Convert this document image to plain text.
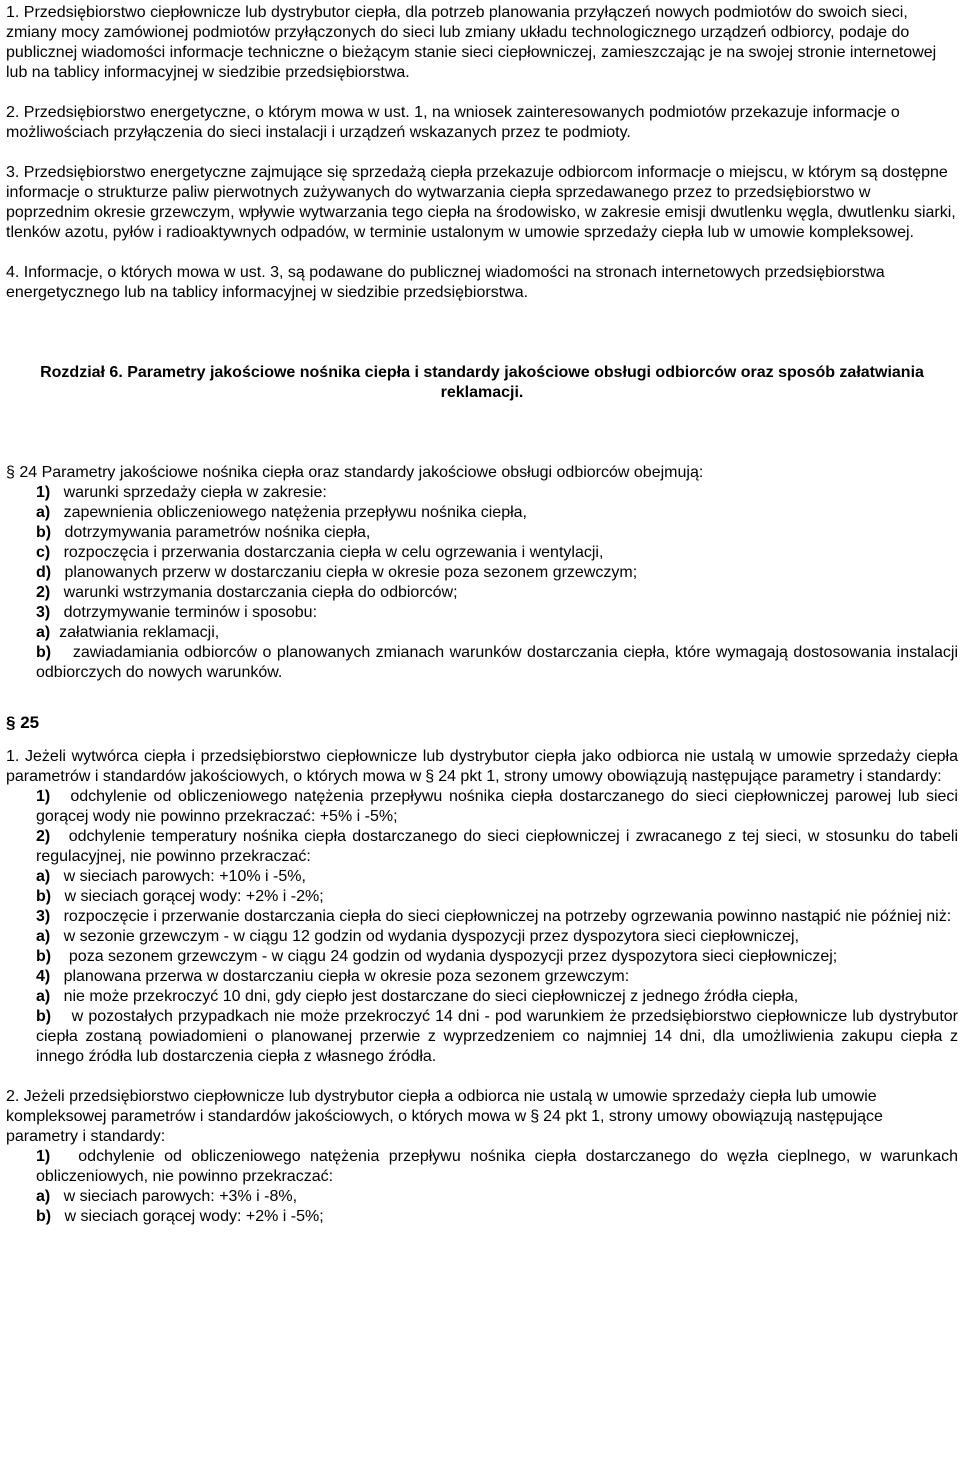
1. Przedsiębiorstwo ciepłownicze lub dystrybutor ciepła, dla potrzeb planowania przyłączeń nowych podmiotów do swoich sieci, zmiany mocy zamówionej podmiotów przyłączonych do sieci lub zmiany układu technologicznego urządzeń odbiorcy, podaje do publicznej wiadomości informacje techniczne o bieżącym stanie sieci ciepłowniczej, zamieszczając je na swojej stronie internetowej lub na tablicy informacyjnej w siedzibie przedsiębiorstwa.

2. Przedsiębiorstwo energetyczne, o którym mowa w ust. 1, na wniosek zainteresowanych podmiotów przekazuje informacje o możliwościach przyłączenia do sieci instalacji i urządzeń wskazanych przez te podmioty.

3. Przedsiębiorstwo energetyczne zajmujące się sprzedażą ciepła przekazuje odbiorcom informacje o miejscu, w którym są dostępne informacje o strukturze paliw pierwotnych zużywanych do wytwarzania ciepła sprzedawanego przez to przedsiębiorstwo w poprzednim okresie grzewczym, wpływie wytwarzania tego ciepła na środowisko, w zakresie emisji dwutlenku węgla, dwutlenku siarki, tlenków azotu, pyłów i radioaktywnych odpadów, w terminie ustalonym w umowie sprzedaży ciepła lub w umowie kompleksowej.

4. Informacje, o których mowa w ust. 3, są podawane do publicznej wiadomości na stronach internetowych przedsiębiorstwa energetycznego lub na tablicy informacyjnej w siedzibie przedsiębiorstwa.

Rozdział 6. Parametry jakościowe nośnika ciepła i standardy jakościowe obsługi odbiorców oraz sposób załatwiania reklamacji.

§ 24 Parametry jakościowe nośnika ciepła oraz standardy jakościowe obsługi odbiorców obejmują:

1) warunki sprzedaży ciepła w zakresie:

a) zapewnienia obliczeniowego natężenia przepływu nośnika ciepła,

b) dotrzymywania parametrów nośnika ciepła,

c) rozpoczęcia i przerwania dostarczania ciepła w celu ogrzewania i wentylacji,

d) planowanych przerw w dostarczaniu ciepła w okresie poza sezonem grzewczym;

2) warunki wstrzymania dostarczania ciepła do odbiorców;

3) dotrzymywanie terminów i sposobu:

a) załatwiania reklamacji,

b) zawiadamiania odbiorców o planowanych zmianach warunków dostarczania ciepła, które wymagają dostosowania instalacji odbiorczych do nowych warunków.

§ 25

1. Jeżeli wytwórca ciepła i przedsiębiorstwo ciepłownicze lub dystrybutor ciepła jako odbiorca nie ustalą w umowie sprzedaży ciepła parametrów i standardów jakościowych, o których mowa w § 24 pkt 1, strony umowy obowiązują następujące parametry i standardy:

1) odchylenie od obliczeniowego natężenia przepływu nośnika ciepła dostarczanego do sieci ciepłowniczej parowej lub sieci gorącej wody nie powinno przekraczać: +5% i -5%;

2) odchylenie temperatury nośnika ciepła dostarczanego do sieci ciepłowniczej i zwracanego z tej sieci, w stosunku do tabeli regulacyjnej, nie powinno przekraczać:

a) w sieciach parowych: +10% i -5%,

b) w sieciach gorącej wody: +2% i -2%;

3) rozpoczęcie i przerwanie dostarczania ciepła do sieci ciepłowniczej na potrzeby ogrzewania powinno nastąpić nie później niż:

a) w sezonie grzewczym - w ciągu 12 godzin od wydania dyspozycji przez dyspozytora sieci ciepłowniczej,

b) poza sezonem grzewczym - w ciągu 24 godzin od wydania dyspozycji przez dyspozytora sieci ciepłowniczej;

4) planowana przerwa w dostarczaniu ciepła w okresie poza sezonem grzewczym:

a) nie może przekroczyć 10 dni, gdy ciepło jest dostarczane do sieci ciepłowniczej z jednego źródła ciepła,

b) w pozostałych przypadkach nie może przekroczyć 14 dni - pod warunkiem że przedsiębiorstwo ciepłownicze lub dystrybutor ciepła zostaną powiadomieni o planowanej przerwie z wyprzedzeniem co najmniej 14 dni, dla umożliwienia zakupu ciepła z innego źródła lub dostarczenia ciepła z własnego źródła.

2. Jeżeli przedsiębiorstwo ciepłownicze lub dystrybutor ciepła a odbiorca nie ustalą w umowie sprzedaży ciepła lub umowie kompleksowej parametrów i standardów jakościowych, o których mowa w § 24 pkt 1, strony umowy obowiązują następujące parametry i standardy:

1) odchylenie od obliczeniowego natężenia przepływu nośnika ciepła dostarczanego do węzła cieplnego, w warunkach obliczeniowych, nie powinno przekraczać:

a) w sieciach parowych: +3% i -8%,

b) w sieciach gorącej wody: +2% i -5%;
